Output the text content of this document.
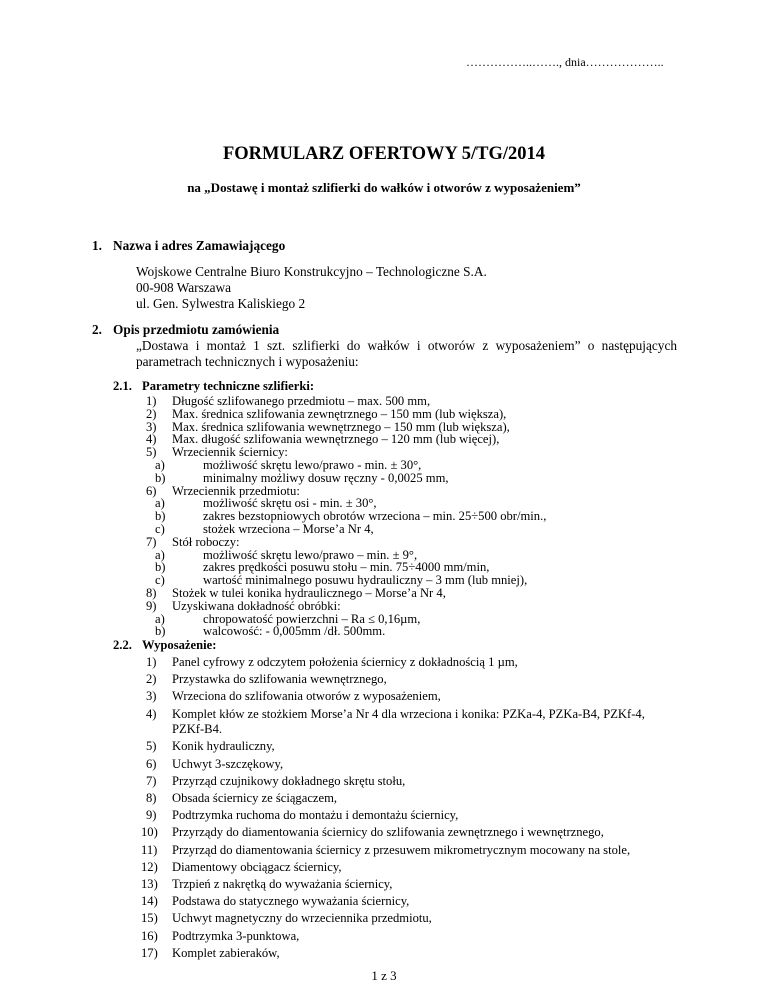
……………..……., dnia………………..
FORMULARZ OFERTOWY 5/TG/2014
na „Dostawę i montaż szlifierki do wałków i otworów z wyposażeniem”
1. Nazwa i adres Zamawiającego
Wojskowe Centralne Biuro Konstrukcyjno – Technologiczne S.A.
00-908 Warszawa
ul. Gen. Sylwestra Kaliskiego 2
2. Opis przedmiotu zamówienia
„Dostawa i montaż 1 szt. szlifierki do wałków i otworów z wyposażeniem” o następujących
parametrach technicznych i wyposażeniu:
2.1. Parametry techniczne szlifierki:
1) Długość szlifowanego przedmiotu – max. 500 mm,
2) Max. średnica szlifowania zewnętrznego – 150 mm (lub większa),
3) Max. średnica szlifowania wewnętrznego – 150 mm (lub większa),
4) Max. długość szlifowania wewnętrznego – 120 mm (lub więcej),
5) Wrzeciennik ściernicy:
a)	możliwość skrętu lewo/prawo - min. ± 30°,
b)	minimalny możliwy dosuw ręczny - 0,0025 mm,
6) Wrzeciennik przedmiotu:
a)	możliwość skrętu osi - min. ± 30°,
b)	zakres bezstopniowych obrotów wrzeciona – min. 25÷500 obr/min.,
c)	stożek wrzeciona – Morse’a Nr 4,
7) Stół roboczy:
a)	możliwość skrętu lewo/prawo – min. ± 9°,
b)	zakres prędkości posuwu stołu – min. 75÷4000 mm/min,
c)	wartość minimalnego posuwu hydrauliczny – 3 mm (lub mniej),
8) Stożek w tulei konika hydraulicznego – Morse’a Nr 4,
9) Uzyskiwana dokładność obróbki:
a)	chropowatość powierzchni – Ra ≤ 0,16µm,
b)	walcowość: - 0,005mm /dł. 500mm.
2.2. Wyposażenie:
1) Panel cyfrowy z odczytem położenia ściernicy z dokładnością 1 µm,
2) Przystawka do szlifowania wewnętrznego,
3) Wrzeciona do szlifowania otworów z wyposażeniem,
4) Komplet kłów ze stożkiem Morse’a Nr 4 dla wrzeciona i konika: PZKa-4, PZKa-B4, PZKf-4,
PZKf-B4.
5) Konik hydrauliczny,
6) Uchwyt 3-szczękowy,
7) Przyrząd czujnikowy dokładnego skrętu stołu,
8) Obsada ściernicy ze ściągaczem,
9) Podtrzymka ruchoma do montażu i demontażu ściernicy,
10) Przyrządy do diamentowania ściernicy do szlifowania zewnętrznego i wewnętrznego,
11) Przyrząd do diamentowania ściernicy z przesuwem mikrometrycznym mocowany na stole,
12) Diamentowy obciągacz ściernicy,
13) Trzpień z nakrętką do wyważania ściernicy,
14) Podstawa do statycznego wyważania ściernicy,
15) Uchwyt magnetyczny do wrzeciennika przedmiotu,
16) Podtrzymka 3-punktowa,
17) Komplet zabieraków,
1 z 3
